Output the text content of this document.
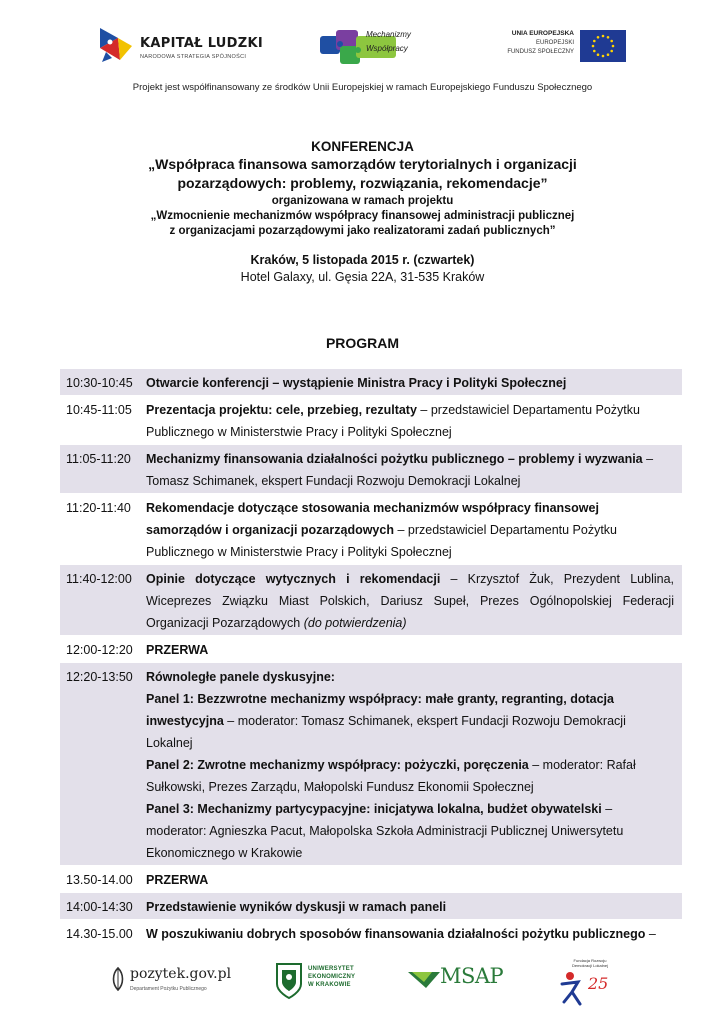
KAPITAŁ LUDZKI
NARODOWA STRATEGIA SPÓJNOŚCI
Mechanizmy
Współpracy
UNIA EUROPEJSKA
EUROPEJSKI
FUNDUSZ SPOŁECZNY
Projekt jest współfinansowany ze środków Unii Europejskiej w ramach Europejskiego Funduszu Społecznego
KONFERENCJA
„Współpraca finansowa samorządów terytorialnych i organizacji
pozarządowych: problemy, rozwiązania, rekomendacje”
organizowana w ramach projektu
„Wzmocnienie mechanizmów współpracy finansowej administracji publicznej
z organizacjami pozarządowymi jako realizatorami zadań publicznych”
Kraków, 5 listopada 2015 r. (czwartek)
Hotel Galaxy, ul. Gęsia 22A, 31-535 Kraków
PROGRAM
10:30-10:45	Otwarcie konferencji – wystąpienie Ministra Pracy i Polityki Społecznej
10:45-11:05	Prezentacja projektu: cele, przebieg, rezultaty – przedstawiciel Departamentu Pożytku
Publicznego w Ministerstwie Pracy i Polityki Społecznej
11:05-11:20	Mechanizmy finansowania działalności pożytku publicznego – problemy i wyzwania –
Tomasz Schimanek, ekspert Fundacji Rozwoju Demokracji Lokalnej
11:20-11:40	Rekomendacje dotyczące stosowania mechanizmów współpracy finansowej
samorządów i organizacji pozarządowych – przedstawiciel Departamentu Pożytku
Publicznego w Ministerstwie Pracy i Polityki Społecznej
11:40-12:00	Opinie dotyczące wytycznych i rekomendacji – Krzysztof Żuk, Prezydent Lublina,
Wiceprezes Związku Miast Polskich, Dariusz Supeł, Prezes Ogólnopolskiej Federacji
Organizacji Pozarządowych (do potwierdzenia)
12:00-12:20	PRZERWA
12:20-13:50	Równoległe panele dyskusyjne:
Panel 1: Bezzwrotne mechanizmy współpracy: małe granty, regranting, dotacja
inwestycyjna – moderator: Tomasz Schimanek, ekspert Fundacji Rozwoju Demokracji
Lokalnej
Panel 2: Zwrotne mechanizmy współpracy: pożyczki, poręczenia – moderator: Rafał
Sułkowski, Prezes Zarządu, Małopolski Fundusz Ekonomii Społecznej
Panel 3: Mechanizmy partycypacyjne: inicjatywa lokalna, budżet obywatelski –
moderator: Agnieszka Pacut, Małopolska Szkoła Administracji Publicznej Uniwersytetu
Ekonomicznego w Krakowie
13.50-14.00	PRZERWA
14:00-14:30	Przedstawienie wyników dyskusji w ramach paneli
14.30-15.00	W poszukiwaniu dobrych sposobów finansowania działalności pożytku publicznego –
pozytek.gov.pl
Departament Pożytku Publicznego
UNIWERSYTET
EKONOMICZNY
W KRAKOWIE	MSAP
Fundacja Rozwoju
Demokracji Lokalnej
25
